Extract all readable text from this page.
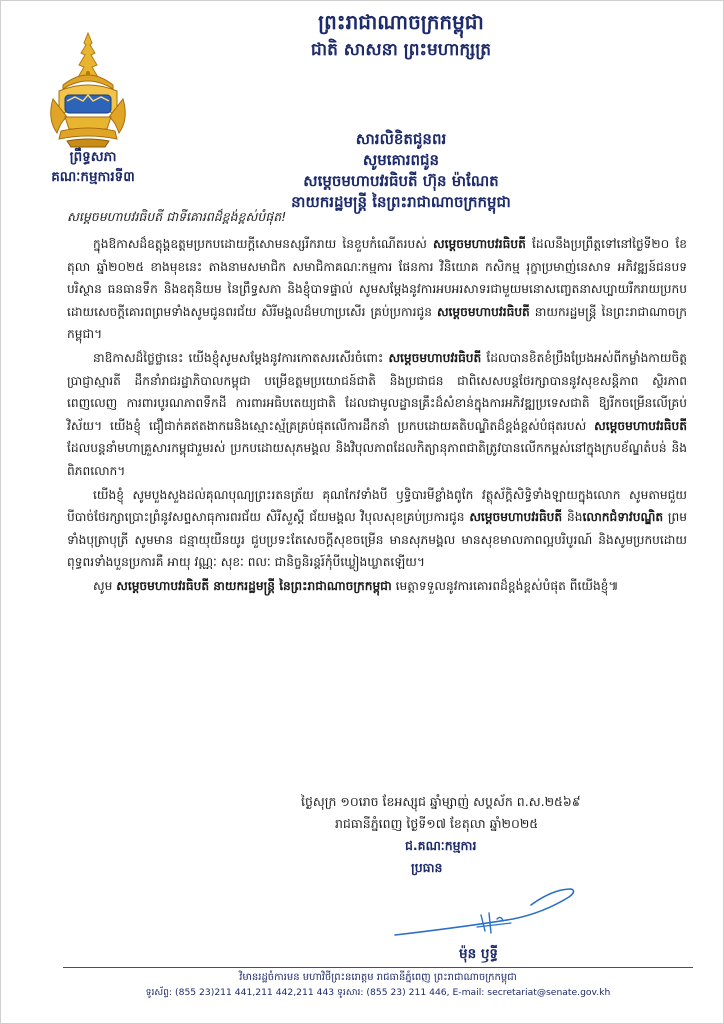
ព្រះរាជាណាចក្រកម្ពុជា
ជាតិ សាសនា ព្រះមហាក្សត្រ
ព្រឹទ្ធសភា
គណៈកម្មការទី៣
សារលិខិតជូនពរ
សូមគោរពជូន
សម្តេចមហាបវរធិបតី ហ៊ុន ម៉ាណែត
នាយករដ្ឋមន្ត្រី នៃព្រះរាជាណាចក្រកម្ពុជា
សម្តេចមហាបវរធិបតី ជាទីគោរពដ៏ខ្ពង់ខ្ពស់បំផុត!

ក្នុងឱកាសដ៏ឧត្តុង្គឧត្តមប្រកបដោយក្តីសោមនស្សរីករាយ នៃខួបកំណើតរបស់ សម្តេចមហាបវរធិបតី ដែលនឹងប្រព្រឹត្តទៅនៅថ្ងៃទី២០ ខែតុលា ឆ្នាំ២០២៥ ខាងមុខនេះ តាងនាមសមាជិក សមាជិកាគណៈកម្មការ ផែនការ វិនិយោគ កសិកម្ម រុក្ខាប្រមាញ់នេសាទ អភិវឌ្ឍន៍ជនបទ បរិស្ថាន ធនធានទឹក និងឧតុនិយម នៃព្រឹទ្ធសភា និងខ្ញុំបាទផ្ទាល់ សូមសម្តែងនូវការអបអរសាទរជាមួយមនោសញ្ចេតនាសប្បាយរីករាយប្រកបដោយសេចក្តីគោរពព្រមទាំងសូមជូនពរជ័យ សិរីមង្គលដ៏មហាប្រសើរ គ្រប់ប្រការជូន សម្តេចមហាបវរធិបតី នាយករដ្ឋមន្ត្រី នៃព្រះរាជាណាចក្រកម្ពុជា។

នាឱកាសដ៏ថ្លៃថ្លានេះ យើងខ្ញុំសូមសម្តែងនូវការកោតសរសើរចំពោះ សម្តេចមហាបវរធិបតី ដែលបានខិតខំប្រឹងប្រែងអស់ពីកម្លាំងកាយចិត្ត ប្រាជ្ញាស្មារតី ដឹកនាំរាជរដ្ឋាភិបាលកម្ពុជា បម្រើឧត្តមប្រយោជន៍ជាតិ និងប្រជាជន ជាពិសេសបន្តថែរក្សាបាននូវសុខសន្តិភាព ស្ថិរភាពពេញលេញ ការពារបូរណភាពទឹកដី ការពារអធិបតេយ្យជាតិ ដែលជាមូលដ្ឋានគ្រឹះដ៏សំខាន់ក្នុងការអភិវឌ្ឍប្រទេសជាតិ ឱ្យរីកចម្រើនលើគ្រប់វិស័យ។ យើងខ្ញុំ ជឿជាក់គឥតងាករេនិងស្មោះស្ម័គ្រគ្រប់ផុតលើការដឹកនាំ ប្រកបដោយគតិបណ្ឌិតដ៏ខ្ពង់ខ្ពស់បំផុតរបស់ សម្តេចមហាបវរធិបតី ដែលបន្តនាំមហាគ្រួសារកម្ពុជារួមរស់ ប្រកបដោយសុភមង្គល និងវិបុលភាពដែលកិត្យានុភាពជាតិត្រូវបានលើកកម្ពស់នៅក្នុងក្របខ័ណ្ឌតំបន់ និងពិភពលោក។

យើងខ្ញុំ សូមបួងសួងដល់គុណបុណ្យព្រះរតនត្រ័យ គុណកែវទាំងបី ឫទ្ធិបារមីខ្លាំងពូកែ វត្ថុស័ក្តិសិទ្ធិទាំងឡាយក្នុងលោក សូមតាមជួយបីបាច់ថែរក្សាប្រោះព្រំនូវសព្ទសាធុការពរជ័យ សិរីសួស្តី ជ័យមង្គល វិបុលសុខគ្រប់ប្រការជូន សម្តេចមហាបវរធិបតី និងលោកជំទាវបណ្ឌិត ព្រមទាំងបុត្រាបុត្រី សូមមាន ជន្មាយុយឺនយូរ ជួបប្រទះតែសេចក្តីសុខចម្រើន មានសុភមង្គល មានសុខមាលភាពល្អបរិបូរណ៍ និងសូមប្រកបដោយពុទ្ធពរទាំងបួនប្រការគឺ អាយុ វណ្ណៈ សុខៈ ពលៈ ជានិច្ចនិរន្តរ៍កុំបីឃ្លៀងឃ្លាតឡើយ។

សូម សម្តេចមហាបវរធិបតី នាយករដ្ឋមន្ត្រី នៃព្រះរាជាណាចក្រកម្ពុជា មេត្តាទទួលនូវការគោរពដ៏ខ្ពង់ខ្ពស់បំផុត ពីយើងខ្ញុំ៕

ថ្ងៃសុក្រ ១០រោច ខែអស្សុជ ឆ្នាំម្សាញ់ សប្តស័ក ព.ស.២៥៦៩
រាជធានីភ្នំពេញ ថ្ងៃទី១៧ ខែតុលា ឆ្នាំ២០២៥
ជ.គណៈកម្មការ
ប្រធាន
ម៉ុន ឫទ្ធី
វិមានរដ្ឋចំការមន មហាវិថីព្រះនរោត្តម រាជធានីភ្នំពេញ ព្រះរាជាណាចក្រកម្ពុជា
ទូរស័ព្ទ: (855 23)211 441,211 442,211 443 ទូរសារ: (855 23) 211 446, E-mail: secretariat@senate.gov.kh
